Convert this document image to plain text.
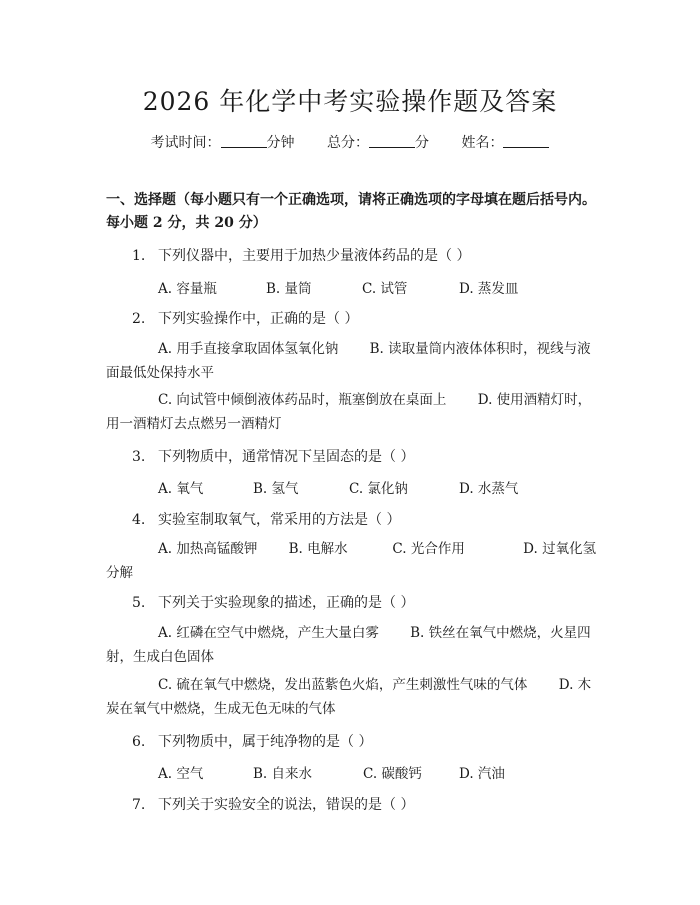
2026 年化学中考实验操作题及答案
考试时间：	分钟 总分：	分 姓名：
一、选择题（每小题只有一个正确选项，请将正确选项的字母填在题后括号内。每小题 2 分，共 20 分）
1. 下列仪器中，主要用于加热少量液体药品的是（ ）
A. 容量瓶	B. 量筒	C. 试管	D. 蒸发皿
2. 下列实验操作中，正确的是（ ）
A. 用手直接拿取固体氢氧化钠　　 B. 读取量筒内液体体积时，视线与液面最低处保持水平
C. 向试管中倾倒液体药品时，瓶塞倒放在桌面上　　 D. 使用酒精灯时，用一酒精灯去点燃另一酒精灯
3. 下列物质中，通常情况下呈固态的是（ ）
A. 氧气	B. 氢气	C. 氯化钠	D. 水蒸气
4. 实验室制取氧气，常采用的方法是（ ）
A. 加热高锰酸钾　　 B. 电解水　　　 C. 光合作用　　　　 D. 过氧化氢分解
5. 下列关于实验现象的描述，正确的是（ ）
A. 红磷在空气中燃烧，产生大量白雾　　 B. 铁丝在氧气中燃烧，火星四射，生成白色固体
C. 硫在氧气中燃烧，发出蓝紫色火焰，产生刺激性气味的气体　　 D. 木炭在氧气中燃烧，生成无色无味的气体
6. 下列物质中，属于纯净物的是（ ）
A. 空气	B. 自来水	C. 碳酸钙	D. 汽油
7. 下列关于实验安全的说法，错误的是（ ）
